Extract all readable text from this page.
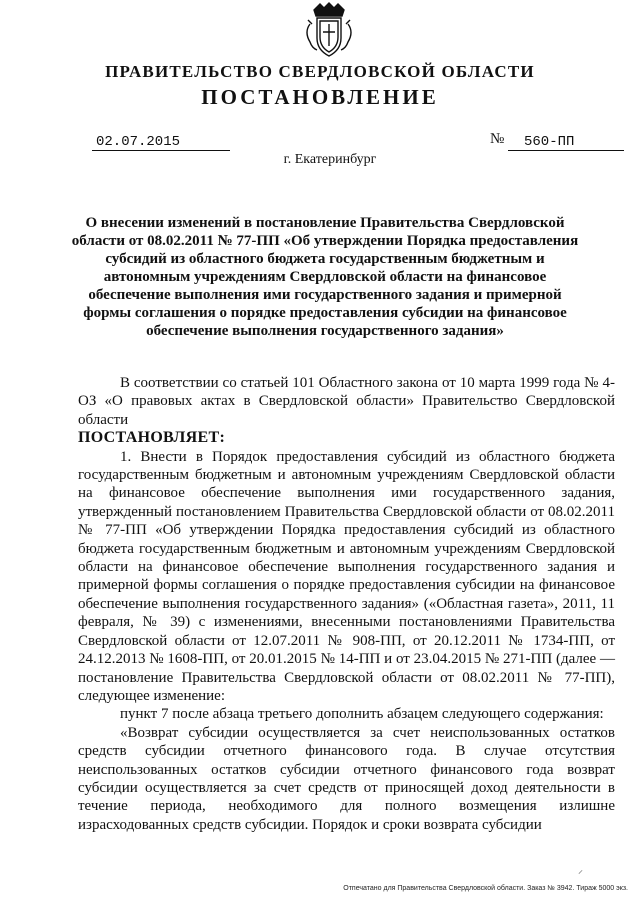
ПРАВИТЕЛЬСТВО СВЕРДЛОВСКОЙ ОБЛАСТИ
ПОСТАНОВЛЕНИЕ
02.07.2015	№	560-ПП
г. Екатеринбург
О внесении изменений в постановление Правительства Свердловской области от 08.02.2011 № 77-ПП «Об утверждении Порядка предоставления субсидий из областного бюджета государственным бюджетным и автономным учреждениям Свердловской области на финансовое обеспечение выполнения ими государственного задания и примерной формы соглашения о порядке предоставления субсидии на финансовое обеспечение выполнения государственного задания»

В соответствии со статьей 101 Областного закона от 10 марта 1999 года № 4-ОЗ «О правовых актах в Свердловской области» Правительство Свердловской области

ПОСТАНОВЛЯЕТ:

1. Внести в Порядок предоставления субсидий из областного бюджета государственным бюджетным и автономным учреждениям Свердловской области на финансовое обеспечение выполнения ими государственного задания, утвержденный постановлением Правительства Свердловской области от 08.02.2011 № 77-ПП «Об утверждении Порядка предоставления субсидий из областного бюджета государственным бюджетным и автономным учреждениям Свердловской области на финансовое обеспечение выполнения государственного задания и примерной формы соглашения о порядке предоставления субсидии на финансовое обеспечение выполнения государственного задания» («Областная газета», 2011, 11 февраля, № 39) с изменениями, внесенными постановлениями Правительства Свердловской области от 12.07.2011 № 908-ПП, от 20.12.2011 № 1734-ПП, от 24.12.2013 № 1608-ПП, от 20.01.2015 № 14-ПП и от 23.04.2015 № 271-ПП (далее — постановление Правительства Свердловской области от 08.02.2011 № 77-ПП), следующее изменение:

пункт 7 после абзаца третьего дополнить абзацем следующего содержания:

«Возврат субсидии осуществляется за счет неиспользованных остатков средств субсидии отчетного финансового года. В случае отсутствия неиспользованных остатков субсидии отчетного финансового года возврат субсидии осуществляется за счет средств от приносящей доход деятельности в течение периода, необходимого для полного возмещения излишне израсходованных средств субсидии. Порядок и сроки возврата субсидии

⸝
Отпечатано для Правительства Свердловской области. Заказ № 3942. Тираж 5000 экз.
